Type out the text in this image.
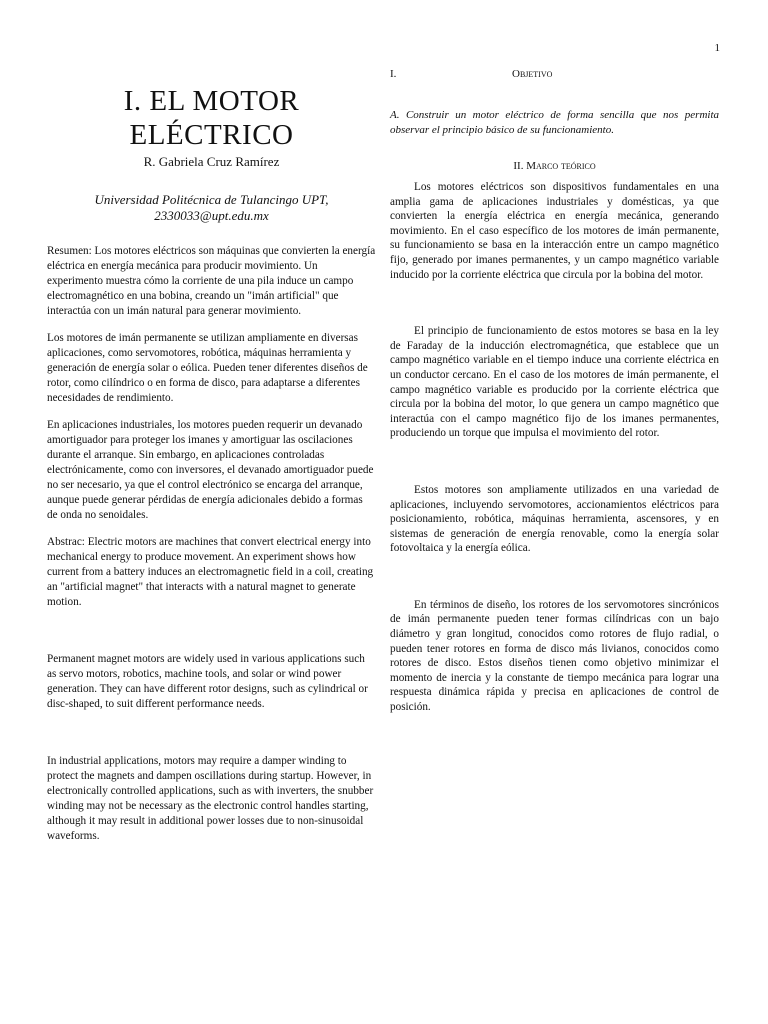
1
I. EL MOTOR
ELÉCTRICO
R. Gabriela Cruz Ramírez
Universidad Politécnica de Tulancingo UPT,
2330033@upt.edu.mx

Resumen: Los motores eléctricos son máquinas que convierten la energía eléctrica en energía mecánica para producir movimiento. Un experimento muestra cómo la corriente de una pila induce un campo electromagnético en una bobina, creando un "imán artificial" que interactúa con un imán natural para generar movimiento.

Los motores de imán permanente se utilizan ampliamente en diversas aplicaciones, como servomotores, robótica, máquinas herramienta y generación de energía solar o eólica. Pueden tener diferentes diseños de rotor, como cilíndrico o en forma de disco, para adaptarse a diferentes necesidades de rendimiento.

En aplicaciones industriales, los motores pueden requerir un devanado amortiguador para proteger los imanes y amortiguar las oscilaciones durante el arranque. Sin embargo, en aplicaciones controladas electrónicamente, como con inversores, el devanado amortiguador puede no ser necesario, ya que el control electrónico se encarga del arranque, aunque puede generar pérdidas de energía adicionales debido a formas de onda no senoidales.

Abstrac: Electric motors are machines that convert electrical energy into mechanical energy to produce movement. An experiment shows how current from a battery induces an electromagnetic field in a coil, creating an "artificial magnet" that interacts with a natural magnet to generate motion.

Permanent magnet motors are widely used in various applications such as servo motors, robotics, machine tools, and solar or wind power generation. They can have different rotor designs, such as cylindrical or disc-shaped, to suit different performance needs.

In industrial applications, motors may require a damper winding to protect the magnets and dampen oscillations during startup. However, in electronically controlled applications, such as with inverters, the snubber winding may not be necessary as the electronic control handles starting, although it may result in additional power losses due to non-sinusoidal waveforms.

I.	Objetivo
A. Construir un motor eléctrico de forma sencilla que nos permita observar el principio básico de su funcionamiento.
II. Marco teórico

Los motores eléctricos son dispositivos fundamentales en una amplia gama de aplicaciones industriales y domésticas, ya que convierten la energía eléctrica en energía mecánica, generando movimiento. En el caso específico de los motores de imán permanente, su funcionamiento se basa en la interacción entre un campo magnético fijo, generado por imanes permanentes, y un campo magnético variable inducido por la corriente eléctrica que circula por la bobina del motor.

El principio de funcionamiento de estos motores se basa en la ley de Faraday de la inducción electromagnética, que establece que un campo magnético variable en el tiempo induce una corriente eléctrica en un conductor cercano. En el caso de los motores de imán permanente, el campo magnético variable es producido por la corriente eléctrica que circula por la bobina del motor, lo que genera un campo magnético que interactúa con el campo magnético fijo de los imanes permanentes, produciendo un torque que impulsa el movimiento del rotor.

Estos motores son ampliamente utilizados en una variedad de aplicaciones, incluyendo servomotores, accionamientos eléctricos para posicionamiento, robótica, máquinas herramienta, ascensores, y en sistemas de generación de energía renovable, como la energía solar fotovoltaica y la energía eólica.

En términos de diseño, los rotores de los servomotores sincrónicos de imán permanente pueden tener formas cilíndricas con un bajo diámetro y gran longitud, conocidos como rotores de flujo radial, o pueden tener rotores en forma de disco más livianos, conocidos como rotores de disco. Estos diseños tienen como objetivo minimizar el momento de inercia y la constante de tiempo mecánica para lograr una respuesta dinámica rápida y precisa en aplicaciones de control de posición.
